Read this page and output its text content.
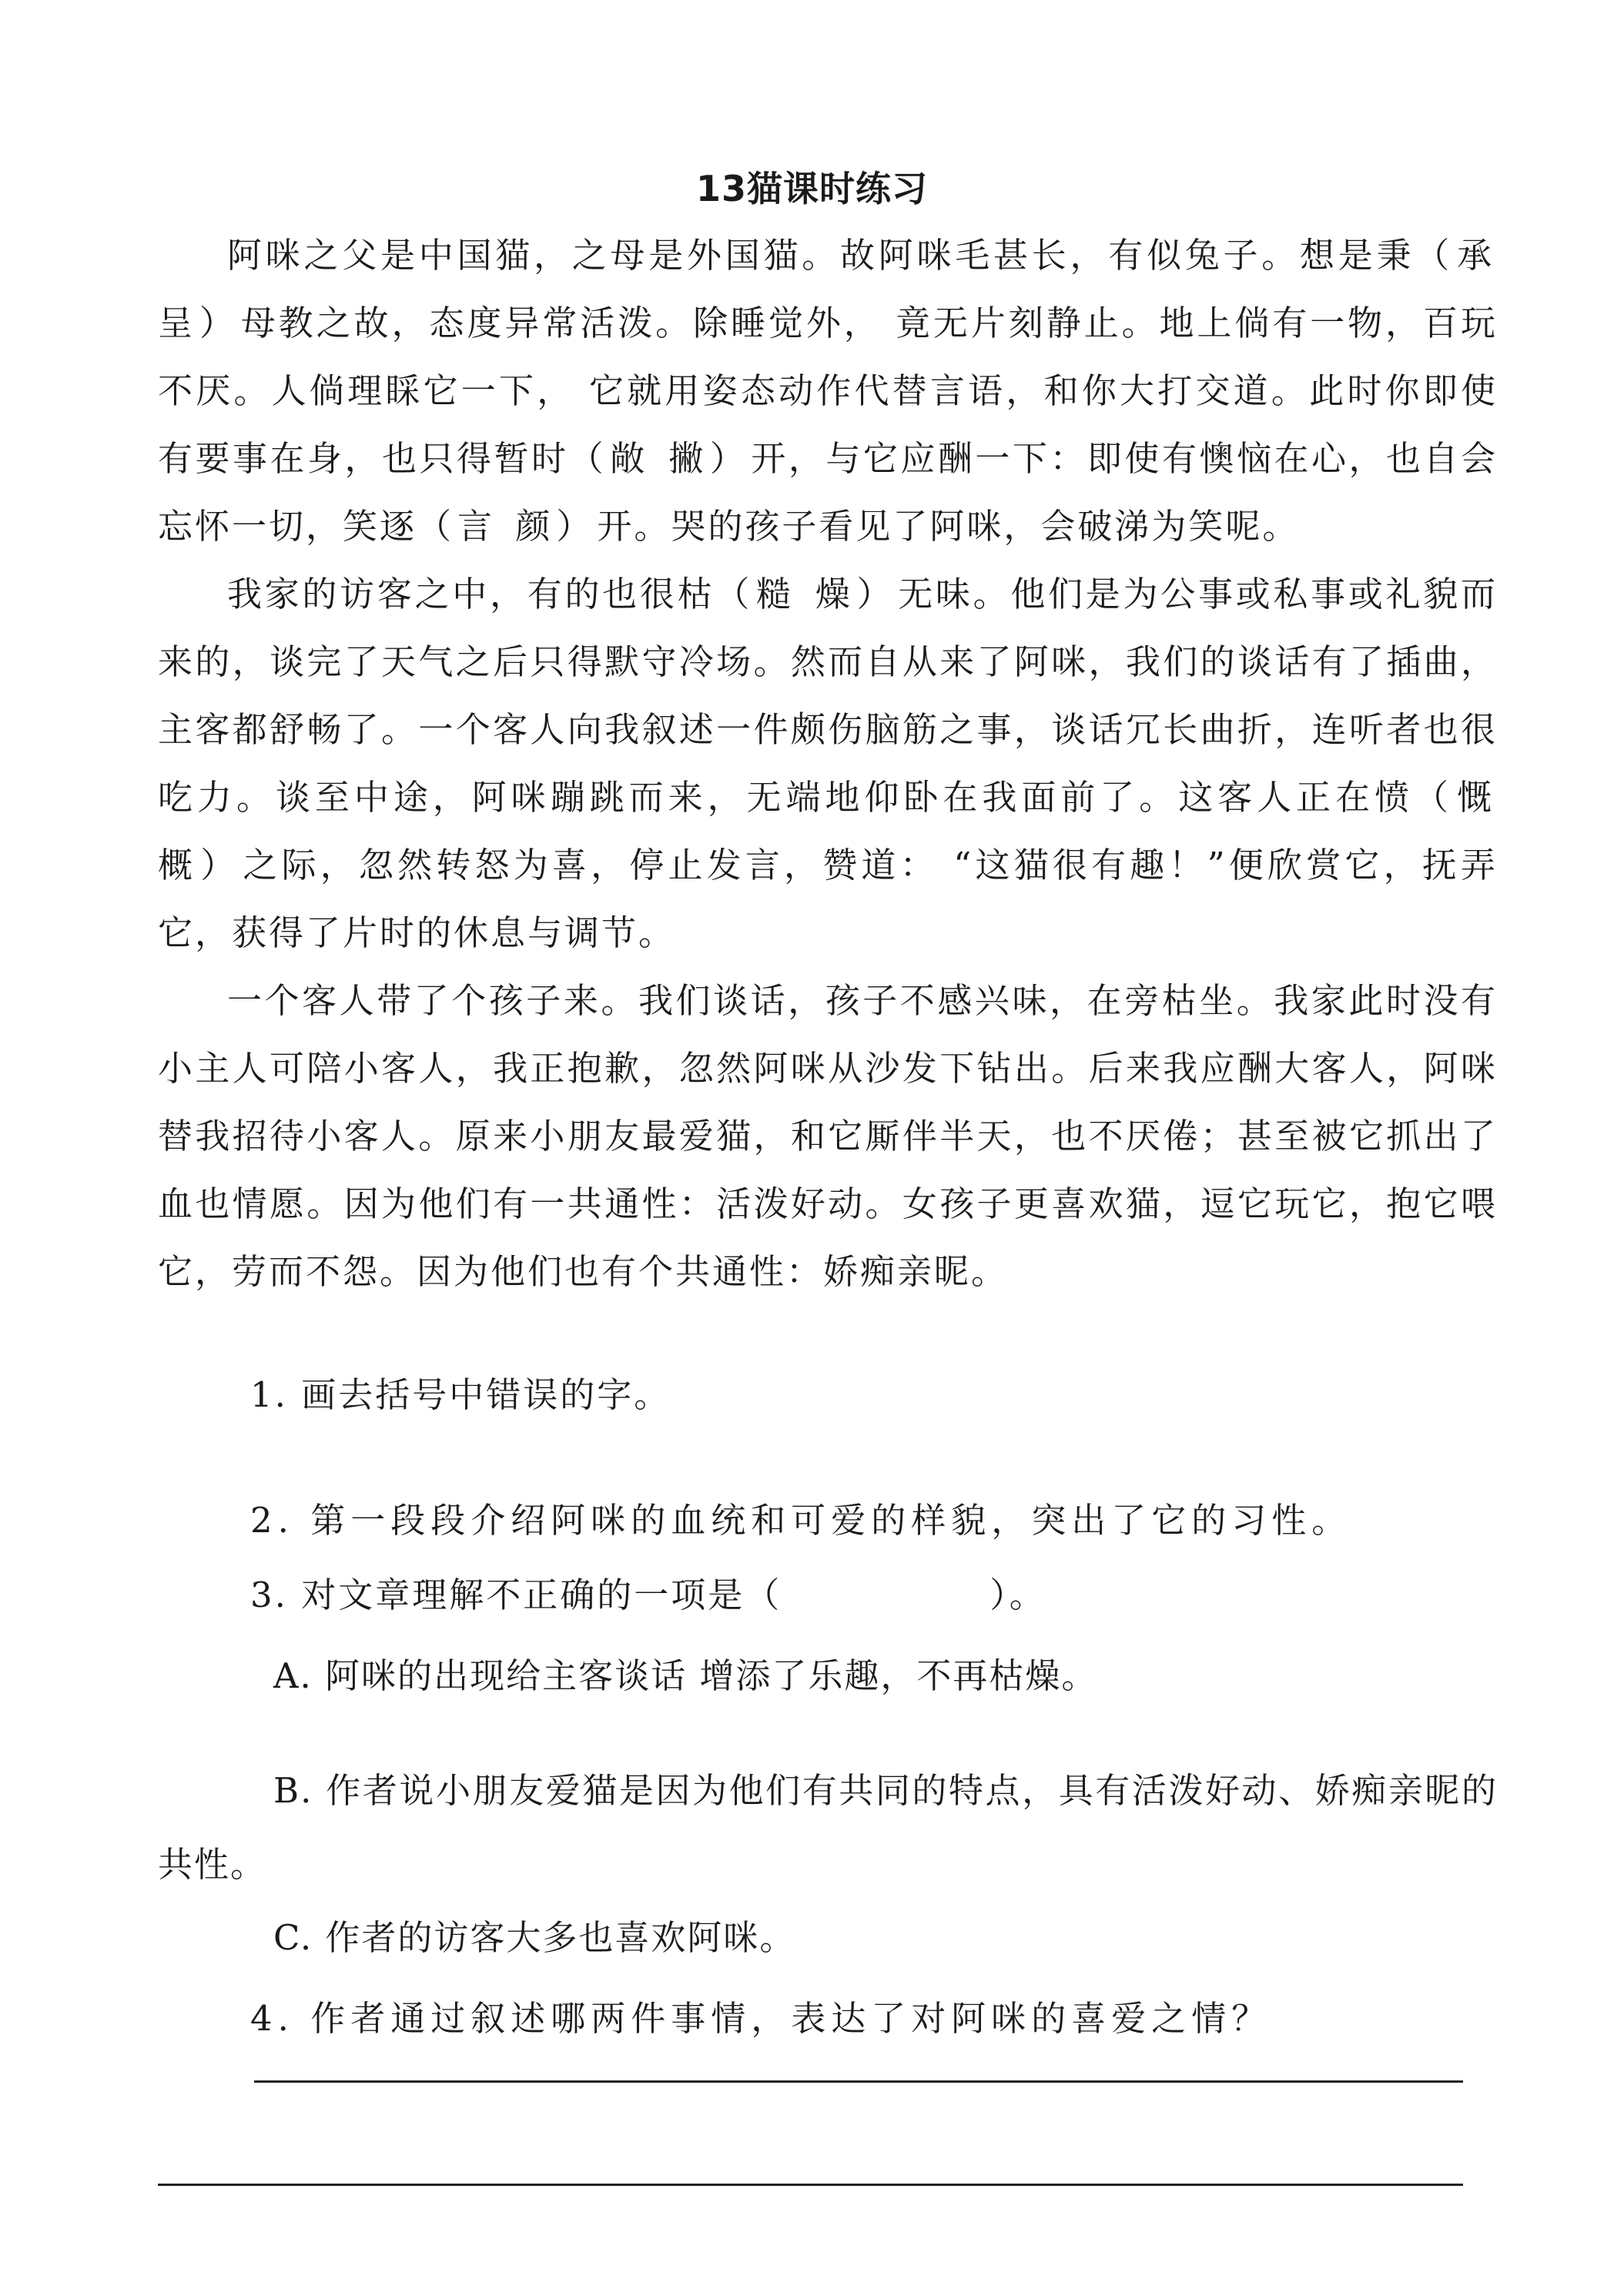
13猫课时练习

阿咪之父是中国猫，之母是外国猫。故阿咪毛甚长，有似兔子。想是秉（承 呈）母教之故，态度异常活泼。除睡觉外， 竟无片刻静止。地上倘有一物，百玩不厌。人倘理睬它一下， 它就用姿态动作代替言语，和你大打交道。此时你即使有要事在身，也只得暂时（敞 撇）开，与它应酬一下：即使有懊恼在心，也自会忘怀一切，笑逐（言 颜）开。哭的孩子看见了阿咪，会破涕为笑呢。

我家的访客之中，有的也很枯（糙 燥）无味。他们是为公事或私事或礼貌而来的，谈完了天气之后只得默守冷场。然而自从来了阿咪，我们的谈话有了插曲，主客都舒畅了。一个客人向我叙述一件颇伤脑筋之事，谈话冗长曲折，连听者也很吃力。谈至中途，阿咪蹦跳而来，无端地仰卧在我面前了。这客人正在愤（慨 概）之际，忽然转怒为喜，停止发言，赞道： “这猫很有趣！”便欣赏它，抚弄它，获得了片时的休息与调节。

一个客人带了个孩子来。我们谈话，孩子不感兴味，在旁枯坐。我家此时没有小主人可陪小客人，我正抱歉，忽然阿咪从沙发下钻出。后来我应酬大客人，阿咪替我招待小客人。原来小朋友最爱猫，和它厮伴半天，也不厌倦；甚至被它抓出了血也情愿。因为他们有一共通性：活泼好动。女孩子更喜欢猫，逗它玩它，抱它喂它，劳而不怨。因为他们也有个共通性：娇痴亲昵。

1. 画去括号中错误的字。
2. 第一段段介绍阿咪的血统和可爱的样貌，突出了它的习性。
3. 对文章理解不正确的一项是（	）。
A. 阿咪的出现给主客谈话 增添了乐趣，不再枯燥。
B. 作者说小朋友爱猫是因为他们有共同的特点，具有活泼好动、娇痴亲昵的共性。
C. 作者的访客大多也喜欢阿咪。
4. 作者通过叙述哪两件事情，表达了对阿咪的喜爱之情？
